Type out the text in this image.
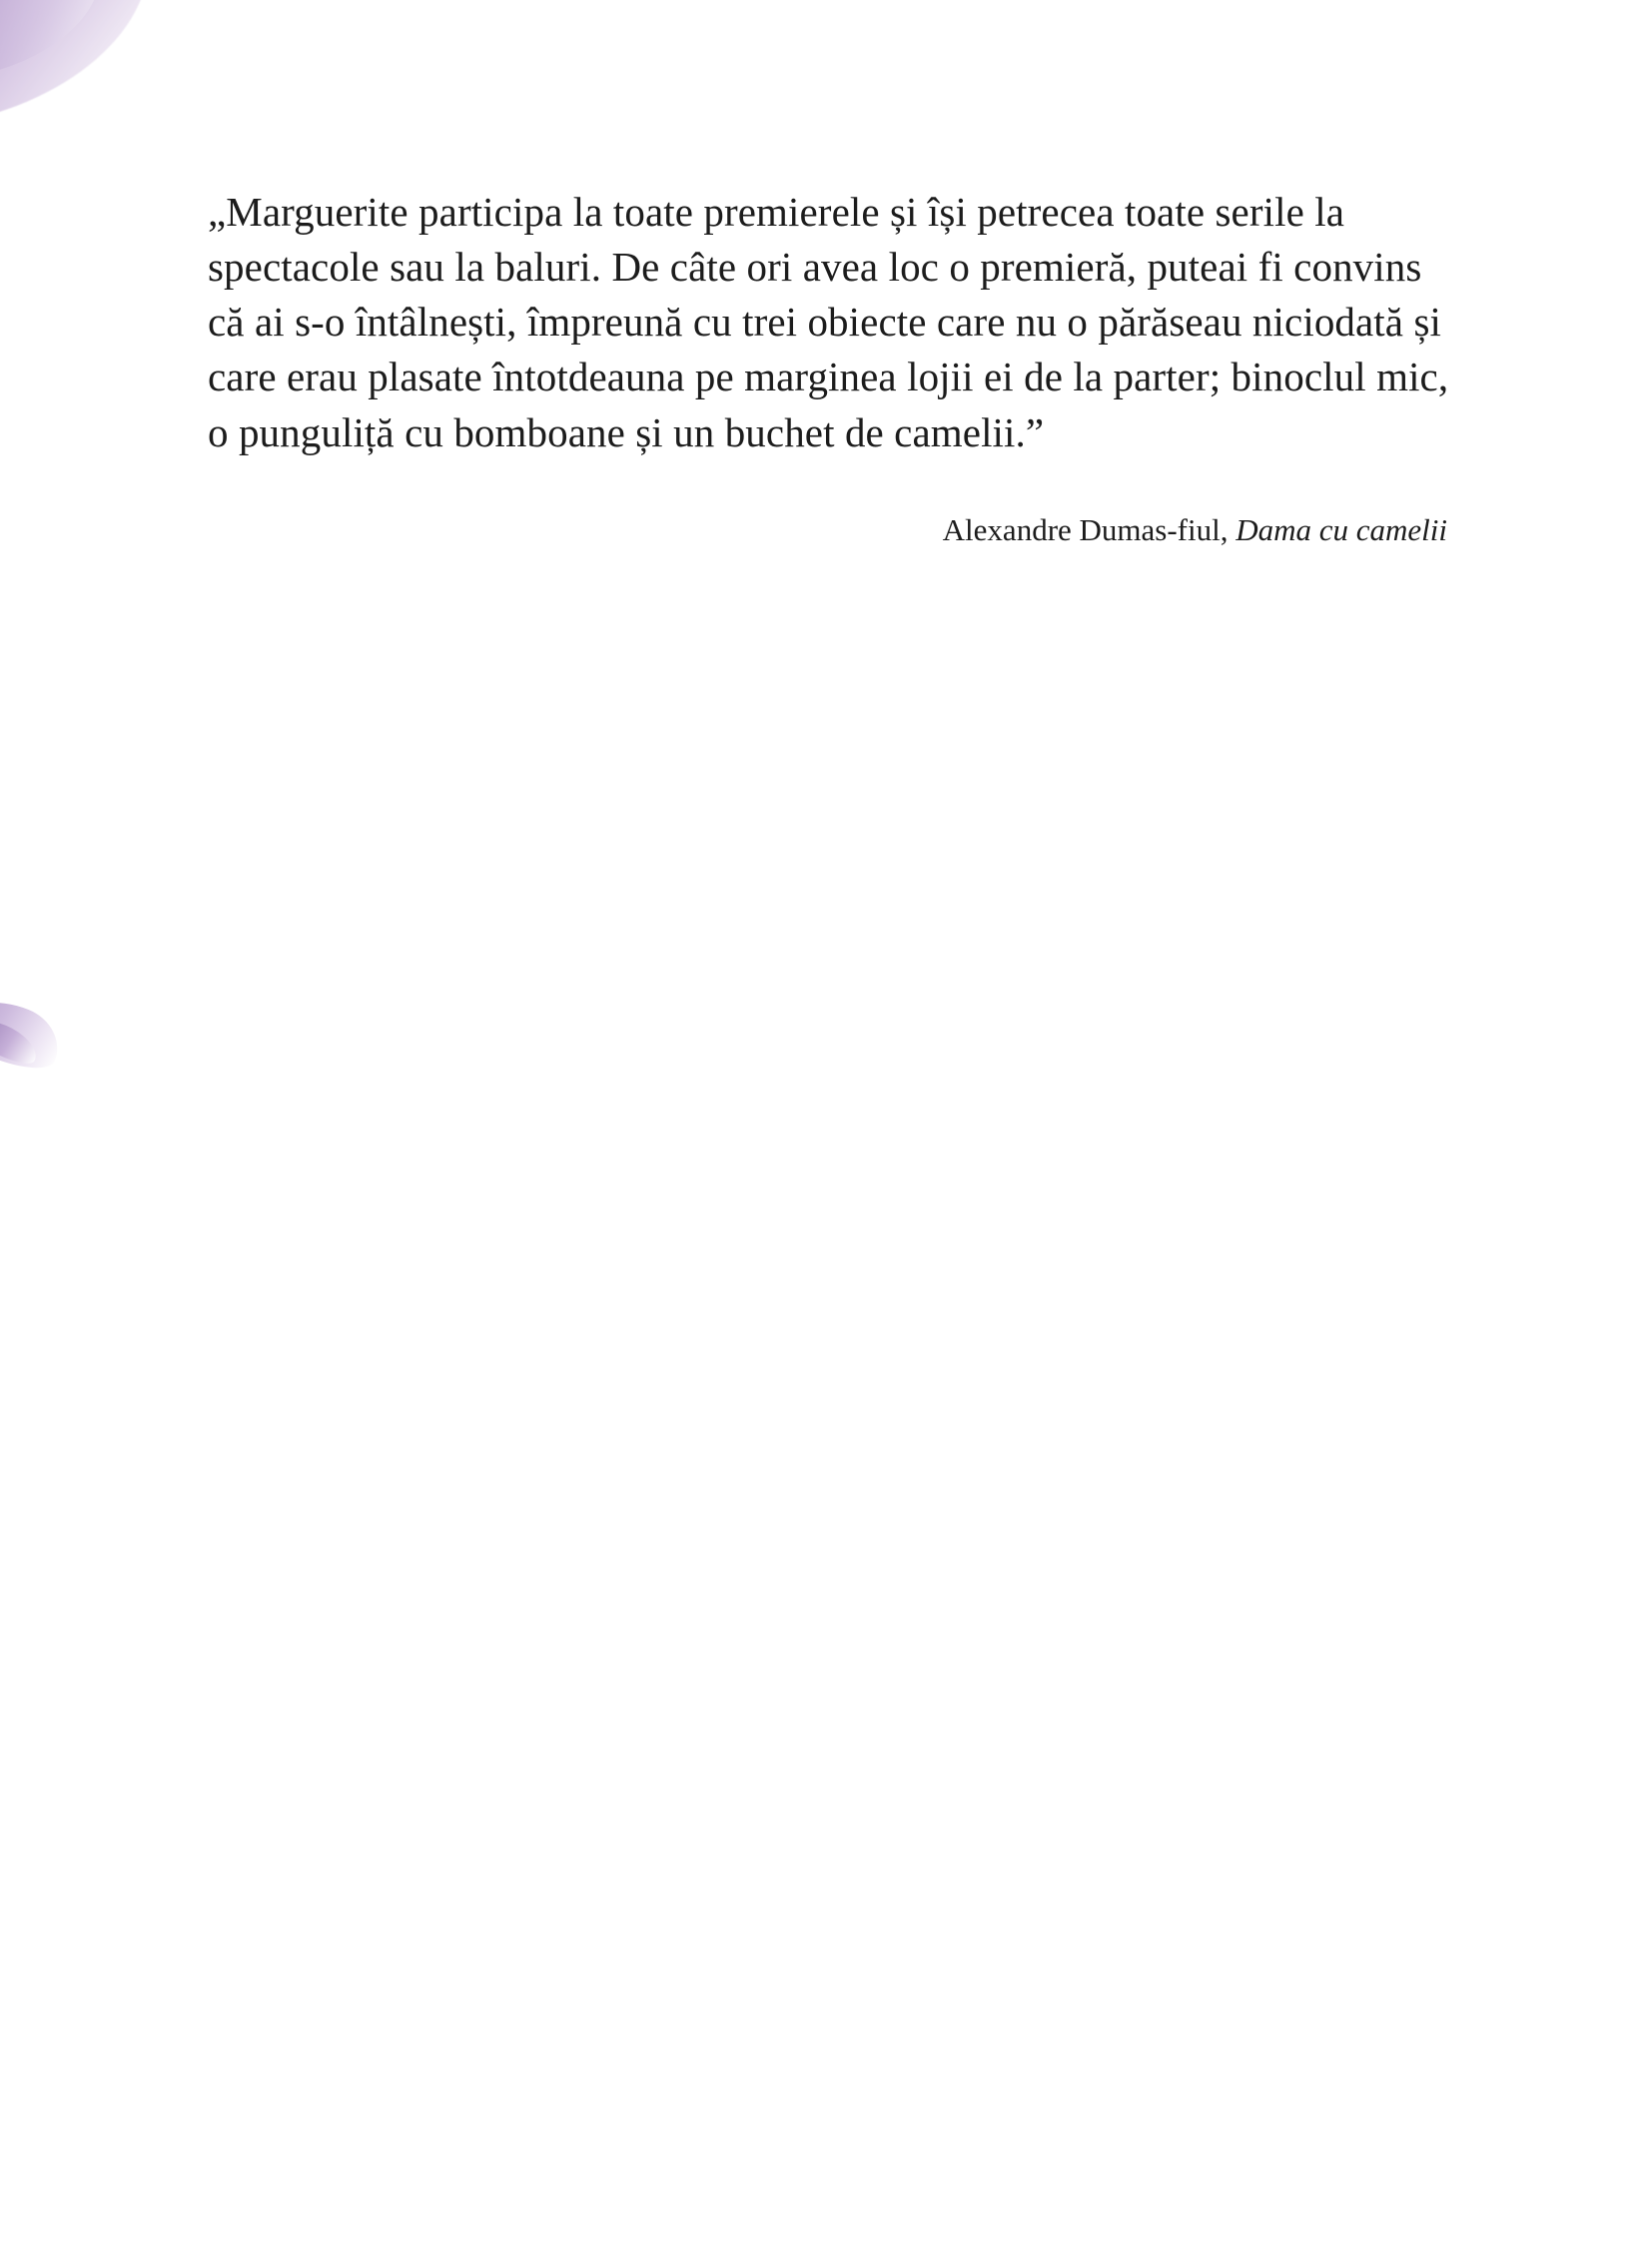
„Marguerite participa la toate premierele și își petrecea toate serile la spectacole sau la baluri. De câte ori avea loc o premieră, puteai fi convins că ai s-o întâlnești, împreună cu trei obiecte care nu o părăseau niciodată și care erau plasate întotdeauna pe marginea lojii ei de la parter; binoclul mic, o punguliță cu bomboane și un buchet de camelii.”

Alexandre Dumas-fiul, Dama cu camelii
